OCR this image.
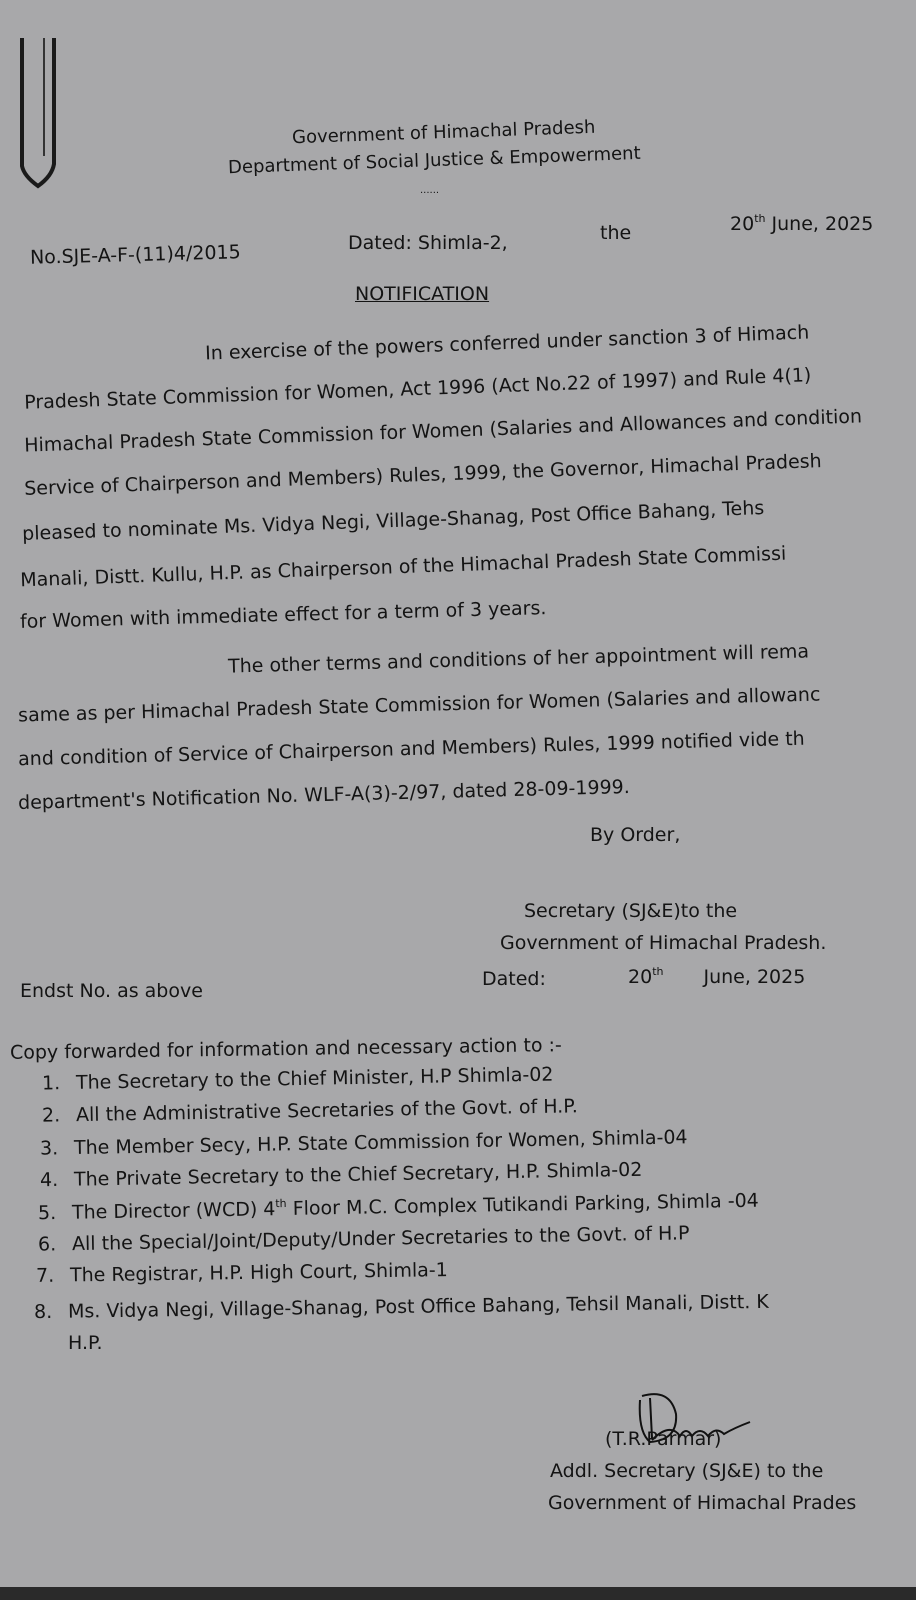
Government of Himachal Pradesh
Department of Social Justice & Empowerment
......
No.SJE-A-F-(11)4/2015	Dated: Shimla-2,	the	20th June, 2025
NOTIFICATION
In exercise of the powers conferred under sanction 3 of Himach
Pradesh State Commission for Women, Act 1996 (Act No.22 of 1997) and Rule 4(1)
Himachal Pradesh State Commission for Women (Salaries and Allowances and condition
Service of Chairperson and Members) Rules, 1999, the Governor, Himachal Pradesh
pleased to nominate Ms. Vidya Negi, Village-Shanag, Post Office Bahang, Tehs
Manali, Distt. Kullu, H.P. as Chairperson of the Himachal Pradesh State Commissi
for Women with immediate effect for a term of 3 years.
The other terms and conditions of her appointment will rema
same as per Himachal Pradesh State Commission for Women (Salaries and allowanc
and condition of Service of Chairperson and Members) Rules, 1999 notified vide th
department's Notification No. WLF-A(3)-2/97, dated 28-09-1999.
By Order,
Secretary (SJ&E)to the
Government of Himachal Pradesh.
Endst No. as above
Dated:	20th June, 2025
Copy forwarded for information and necessary action to :-
1. The Secretary to the Chief Minister, H.P Shimla-02
2. All the Administrative Secretaries of the Govt. of H.P.
3. The Member Secy, H.P. State Commission for Women, Shimla-04
4. The Private Secretary to the Chief Secretary, H.P. Shimla-02
5. The Director (WCD) 4th Floor M.C. Complex Tutikandi Parking, Shimla -04
6. All the Special/Joint/Deputy/Under Secretaries to the Govt. of H.P
7. The Registrar, H.P. High Court, Shimla-1
8. Ms. Vidya Negi, Village-Shanag, Post Office Bahang, Tehsil Manali, Distt. K
H.P.
(T.R.Parmar)
Addl. Secretary (SJ&E) to the
Government of Himachal Prades
